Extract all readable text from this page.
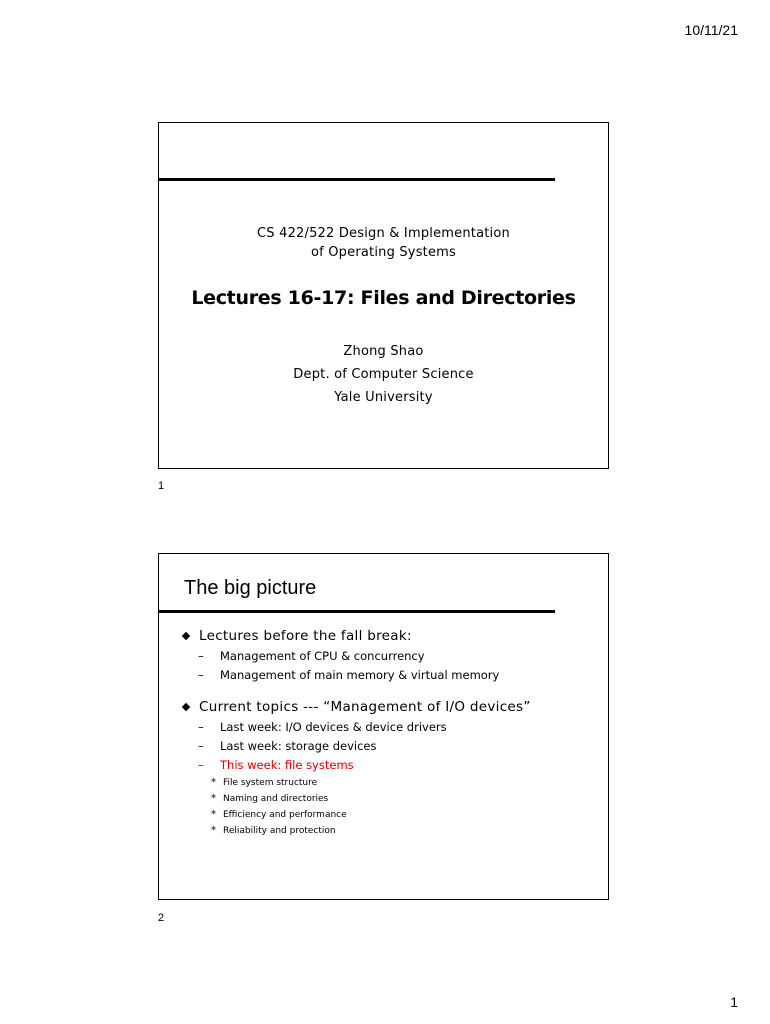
10/11/21
CS 422/522 Design & Implementation
of Operating Systems
Lectures 16-17: Files and Directories
Zhong Shao
Dept. of Computer Science
Yale University
1
The big picture
Lectures before the fall break:
– Management of CPU & concurrency
– Management of main memory & virtual memory
Current topics --- “Management of I/O devices”
– Last week: I/O devices & device drivers
– Last week: storage devices
– This week: file systems
* File system structure
* Naming and directories
* Efficiency and performance
* Reliability and protection
2
1
